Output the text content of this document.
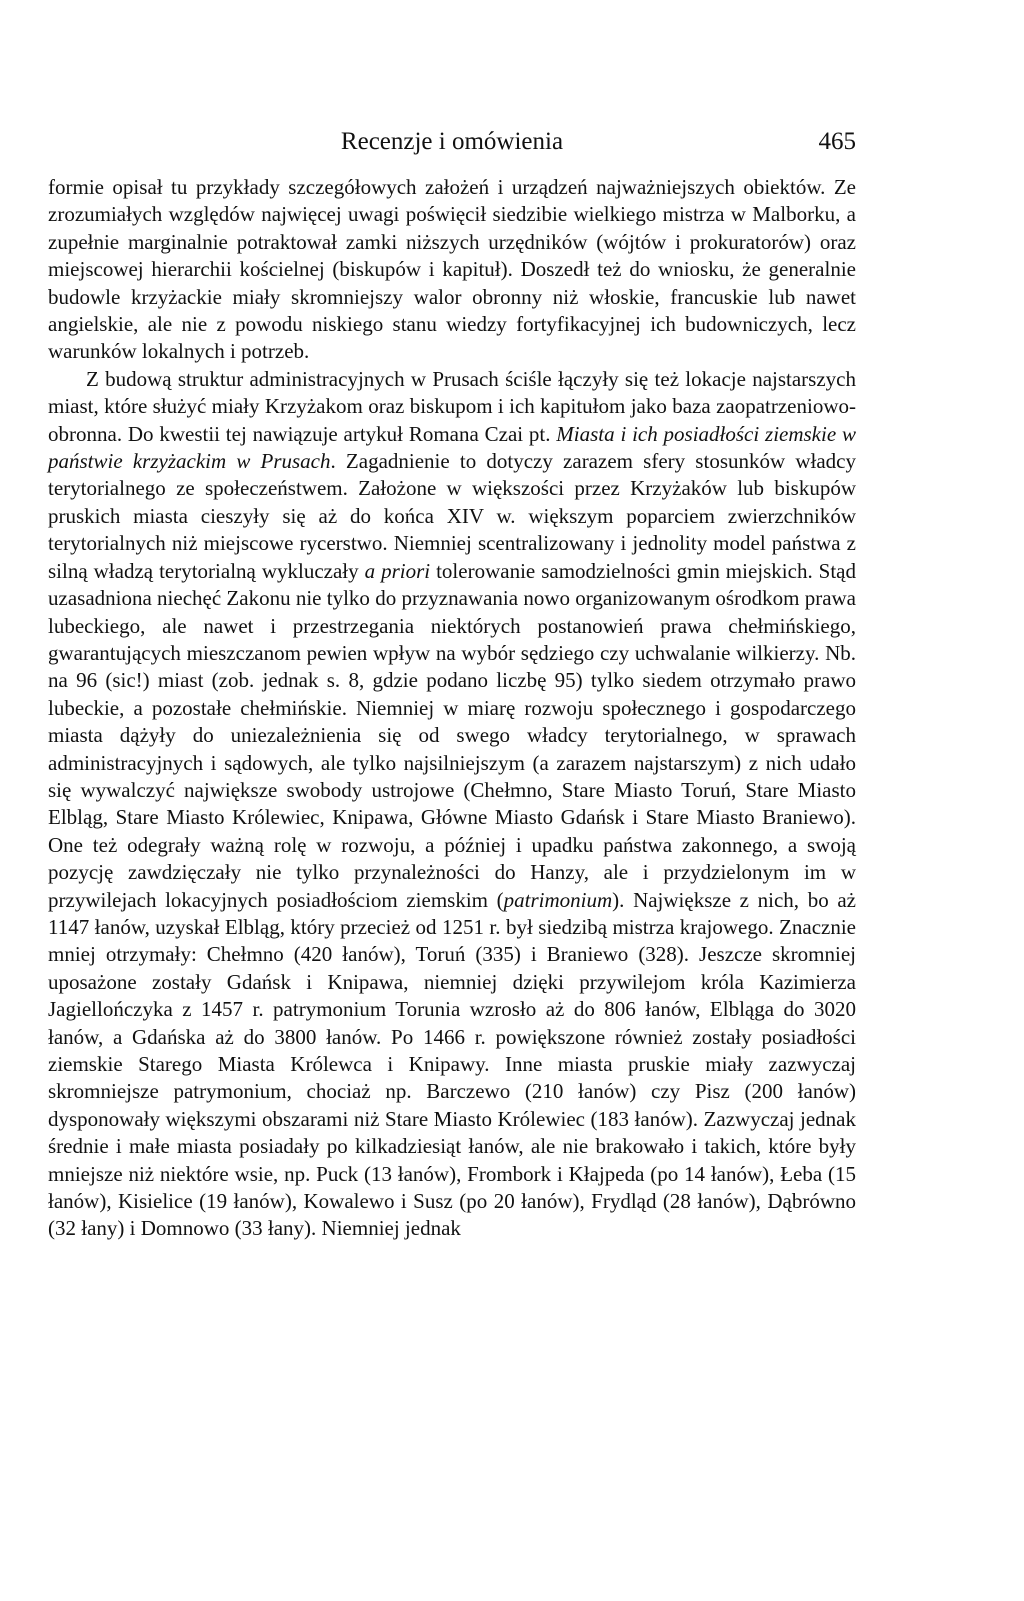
Recenzje i omówienia	465

formie opisał tu przykłady szczegółowych założeń i urządzeń najważniejszych obiektów. Ze zrozumiałych względów najwięcej uwagi poświęcił siedzibie wielkiego mistrza w Malborku, a zupełnie marginalnie potraktował zamki niższych urzędników (wójtów i prokuratorów) oraz miejscowej hierarchii kościelnej (biskupów i kapituł). Doszedł też do wniosku, że generalnie budowle krzyżackie miały skromniejszy walor obronny niż włoskie, francuskie lub nawet angielskie, ale nie z powodu niskiego stanu wiedzy fortyfikacyjnej ich budowniczych, lecz warunków lokalnych i potrzeb.

Z budową struktur administracyjnych w Prusach ściśle łączyły się też lokacje najstarszych miast, które służyć miały Krzyżakom oraz biskupom i ich kapitułom jako baza zaopatrzeniowo-obronna. Do kwestii tej nawiązuje artykuł Romana Czai pt. Miasta i ich posiadłości ziemskie w państwie krzyżackim w Prusach. Zagadnienie to dotyczy zarazem sfery stosunków władcy terytorialnego ze społeczeństwem. Założone w większości przez Krzyżaków lub biskupów pruskich miasta cieszyły się aż do końca XIV w. większym poparciem zwierzchników terytorialnych niż miejscowe rycerstwo. Niemniej scentralizowany i jednolity model państwa z silną władzą terytorialną wykluczały a priori tolerowanie samodzielności gmin miejskich. Stąd uzasadniona niechęć Zakonu nie tylko do przyznawania nowo organizowanym ośrodkom prawa lubeckiego, ale nawet i przestrzegania niektórych postanowień prawa chełmińskiego, gwarantujących mieszczanom pewien wpływ na wybór sędziego czy uchwalanie wilkierzy. Nb. na 96 (sic!) miast (zob. jednak s. 8, gdzie podano liczbę 95) tylko siedem otrzymało prawo lubeckie, a pozostałe chełmińskie. Niemniej w miarę rozwoju społecznego i gospodarczego miasta dążyły do uniezależnienia się od swego władcy terytorialnego, w sprawach administracyjnych i sądowych, ale tylko najsilniejszym (a zarazem najstarszym) z nich udało się wywalczyć największe swobody ustrojowe (Chełmno, Stare Miasto Toruń, Stare Miasto Elbląg, Stare Miasto Królewiec, Knipawa, Główne Miasto Gdańsk i Stare Miasto Braniewo). One też odegrały ważną rolę w rozwoju, a później i upadku państwa zakonnego, a swoją pozycję zawdzięczały nie tylko przynależności do Hanzy, ale i przydzielonym im w przywilejach lokacyjnych posiadłościom ziemskim (patrimonium). Największe z nich, bo aż 1147 łanów, uzyskał Elbląg, który przecież od 1251 r. był siedzibą mistrza krajowego. Znacznie mniej otrzymały: Chełmno (420 łanów), Toruń (335) i Braniewo (328). Jeszcze skromniej uposażone zostały Gdańsk i Knipawa, niemniej dzięki przywilejom króla Kazimierza Jagiellończyka z 1457 r. patrymonium Torunia wzrosło aż do 806 łanów, Elbląga do 3020 łanów, a Gdańska aż do 3800 łanów. Po 1466 r. powiększone również zostały posiadłości ziemskie Starego Miasta Królewca i Knipawy. Inne miasta pruskie miały zazwyczaj skromniejsze patrymonium, chociaż np. Barczewo (210 łanów) czy Pisz (200 łanów) dysponowały większymi obszarami niż Stare Miasto Królewiec (183 łanów). Zazwyczaj jednak średnie i małe miasta posiadały po kilkadziesiąt łanów, ale nie brakowało i takich, które były mniejsze niż niektóre wsie, np. Puck (13 łanów), Frombork i Kłajpeda (po 14 łanów), Łeba (15 łanów), Kisielice (19 łanów), Kowalewo i Susz (po 20 łanów), Frydląd (28 łanów), Dąbrówno (32 łany) i Domnowo (33 łany). Niemniej jednak
